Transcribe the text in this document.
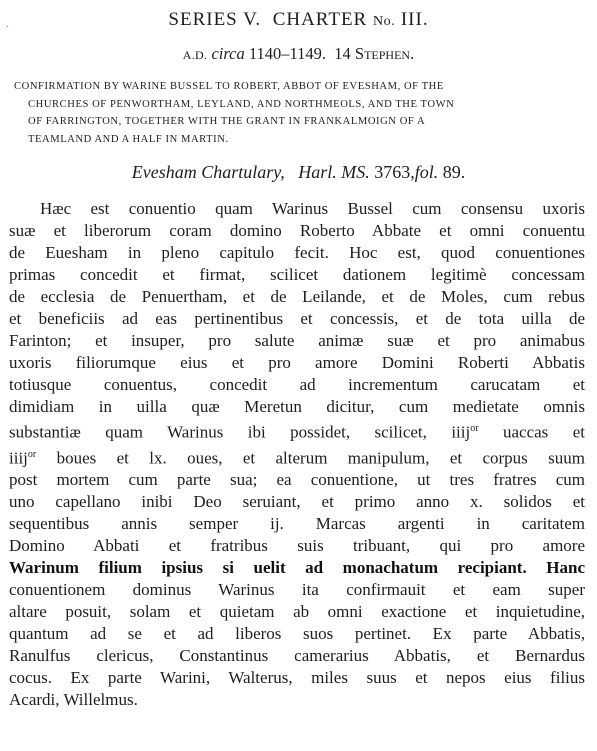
·	SERIES V. CHARTER No. III.
A.D. circa 1140–1149. 14 Stephen.
CONFIRMATION BY WARINE BUSSEL TO ROBERT, ABBOT OF EVESHAM, OF THE
CHURCHES OF PENWORTHAM, LEYLAND, AND NORTHMEOLS, AND THE TOWN
OF FARRINGTON, TOGETHER WITH THE GRANT IN FRANKALMOIGN OF A
TEAMLAND AND A HALF IN MARTIN.
Evesham Chartulary, Harl. MS. 3763,fol. 89.
Hæc est conuentio quam Warinus Bussel cum consensu uxoris
suæ et liberorum coram domino Roberto Abbate et omni conuentu
de Euesham in pleno capitulo fecit. Hoc est, quod conuentiones
primas concedit et firmat, scilicet dationem legitimè concessam
de ecclesia de Penuertham, et de Leilande, et de Moles, cum rebus
et beneficiis ad eas pertinentibus et concessis, et de tota uilla de
Farinton; et insuper, pro salute animæ suæ et pro animabus
uxoris filiorumque eius et pro amore Domini Roberti Abbatis
totiusque conuentus, concedit ad incrementum carucatam et
dimidiam in uilla quæ Meretun dicitur, cum medietate omnis
substantiæ quam Warinus ibi possidet, scilicet, iiij$^{or}$ uaccas et
iiij$^{or}$ boues et lx. oues, et alterum manipulum, et corpus suum
post mortem cum parte sua; ea conuentione, ut tres fratres cum
uno capellano inibi Deo seruiant, et primo anno x. solidos et
sequentibus annis semper ij. Marcas argenti in caritatem
Domino Abbati et fratribus suis tribuant, qui pro amore
Warinum filium ipsius si uelit ad monachatum recipiant. Hanc
conuentionem dominus Warinus ita confirmauit et eam super
altare posuit, solam et quietam ab omni exactione et inquietudine,
quantum ad se et ad liberos suos pertinet. Ex parte Abbatis,
Ranulfus clericus, Constantinus camerarius Abbatis, et Bernardus
cocus. Ex parte Warini, Walterus, miles suus et nepos eius filius
Acardi, Willelmus.
